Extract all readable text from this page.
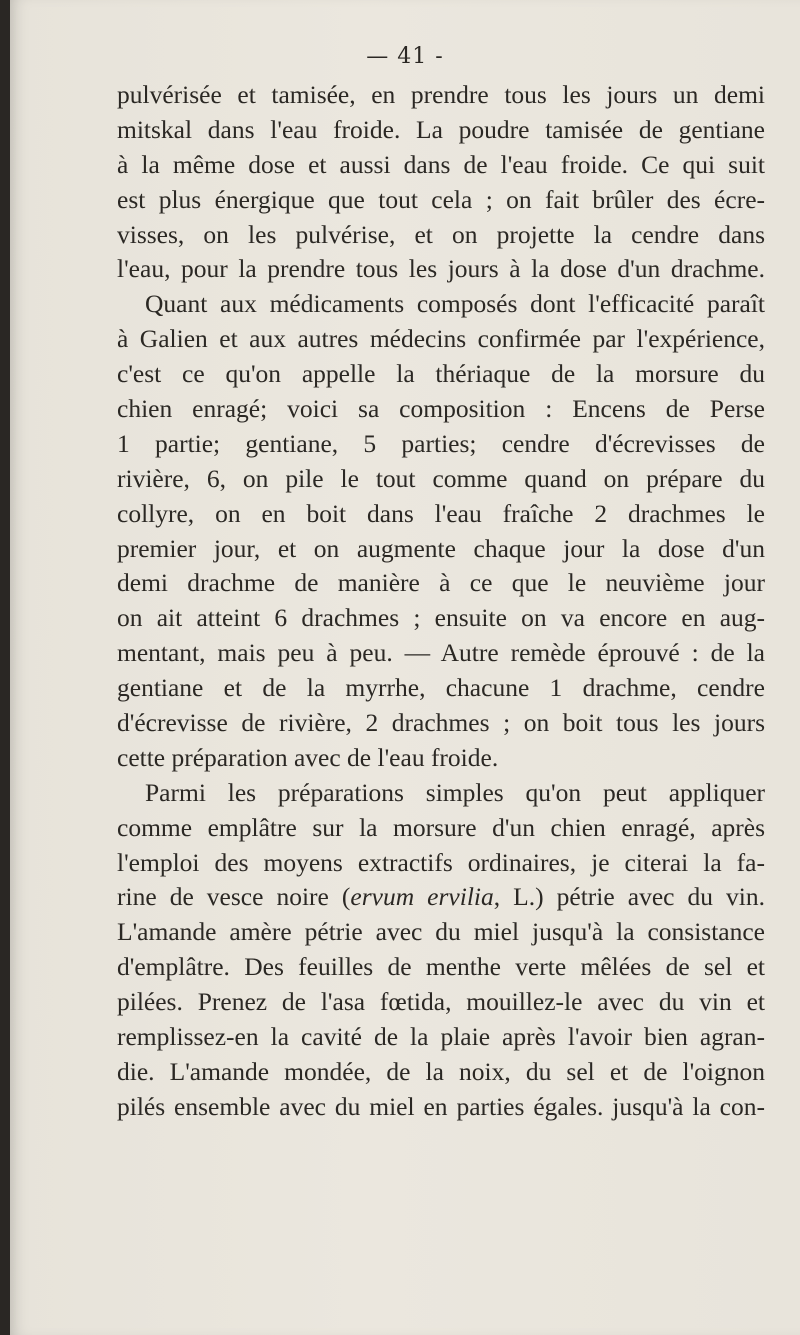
— 41 -
pulvérisée et tamisée, en prendre tous les jours un demi
mitskal dans l'eau froide. La poudre tamisée de gentiane
à la même dose et aussi dans de l'eau froide. Ce qui suit
est plus énergique que tout cela ; on fait brûler des écre-
visses, on les pulvérise, et on projette la cendre dans
l'eau, pour la prendre tous les jours à la dose d'un drachme.
Quant aux médicaments composés dont l'efficacité paraît
à Galien et aux autres médecins confirmée par l'expérience,
c'est ce qu'on appelle la thériaque de la morsure du
chien enragé; voici sa composition : Encens de Perse
1 partie; gentiane, 5 parties; cendre d'écrevisses de
rivière, 6, on pile le tout comme quand on prépare du
collyre, on en boit dans l'eau fraîche 2 drachmes le
premier jour, et on augmente chaque jour la dose d'un
demi drachme de manière à ce que le neuvième jour
on ait atteint 6 drachmes ; ensuite on va encore en aug-
mentant, mais peu à peu. — Autre remède éprouvé : de la
gentiane et de la myrrhe, chacune 1 drachme, cendre
d'écrevisse de rivière, 2 drachmes ; on boit tous les jours
cette préparation avec de l'eau froide.
Parmi les préparations simples qu'on peut appliquer
comme emplâtre sur la morsure d'un chien enragé, après
l'emploi des moyens extractifs ordinaires, je citerai la fa-
rine de vesce noire (ervum ervilia, L.) pétrie avec du vin.
L'amande amère pétrie avec du miel jusqu'à la consistance
d'emplâtre. Des feuilles de menthe verte mêlées de sel et
pilées. Prenez de l'asa fœtida, mouillez-le avec du vin et
remplissez-en la cavité de la plaie après l'avoir bien agran-
die. L'amande mondée, de la noix, du sel et de l'oignon
pilés ensemble avec du miel en parties égales. jusqu'à la con-
